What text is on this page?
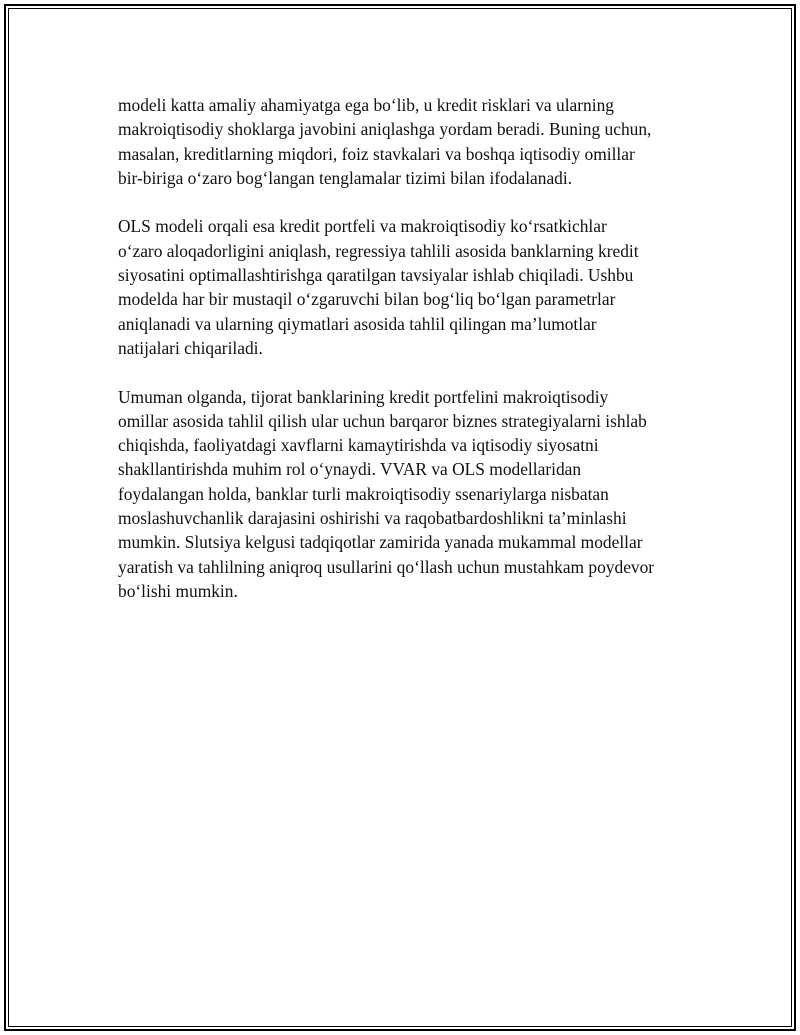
modeli katta amaliy ahamiyatga ega bo‘lib, u kredit risklari va ularning
makroiqtisodiy shoklarga javobini aniqlashga yordam beradi. Buning uchun,
masalan, kreditlarning miqdori, foiz stavkalari va boshqa iqtisodiy omillar
bir-biriga o‘zaro bog‘langan tenglamalar tizimi bilan ifodalanadi.

OLS modeli orqali esa kredit portfeli va makroiqtisodiy ko‘rsatkichlar
o‘zaro aloqadorligini aniqlash, regressiya tahlili asosida banklarning kredit
siyosatini optimallashtirishga qaratilgan tavsiyalar ishlab chiqiladi. Ushbu
modelda har bir mustaqil o‘zgaruvchi bilan bog‘liq bo‘lgan parametrlar
aniqlanadi va ularning qiymatlari asosida tahlil qilingan ma’lumotlar
natijalari chiqariladi.

Umuman olganda, tijorat banklarining kredit portfelini makroiqtisodiy
omillar asosida tahlil qilish ular uchun barqaror biznes strategiyalarni ishlab
chiqishda, faoliyatdagi xavflarni kamaytirishda va iqtisodiy siyosatni
shakllantirishda muhim rol o‘ynaydi. VVAR va OLS modellaridan
foydalangan holda, banklar turli makroiqtisodiy ssenariylarga nisbatan
moslashuvchanlik darajasini oshirishi va raqobatbardoshlikni ta’minlashi
mumkin. Slutsiya kelgusi tadqiqotlar zamirida yanada mukammal modellar
yaratish va tahlilning aniqroq usullarini qo‘llash uchun mustahkam poydevor
bo‘lishi mumkin.
